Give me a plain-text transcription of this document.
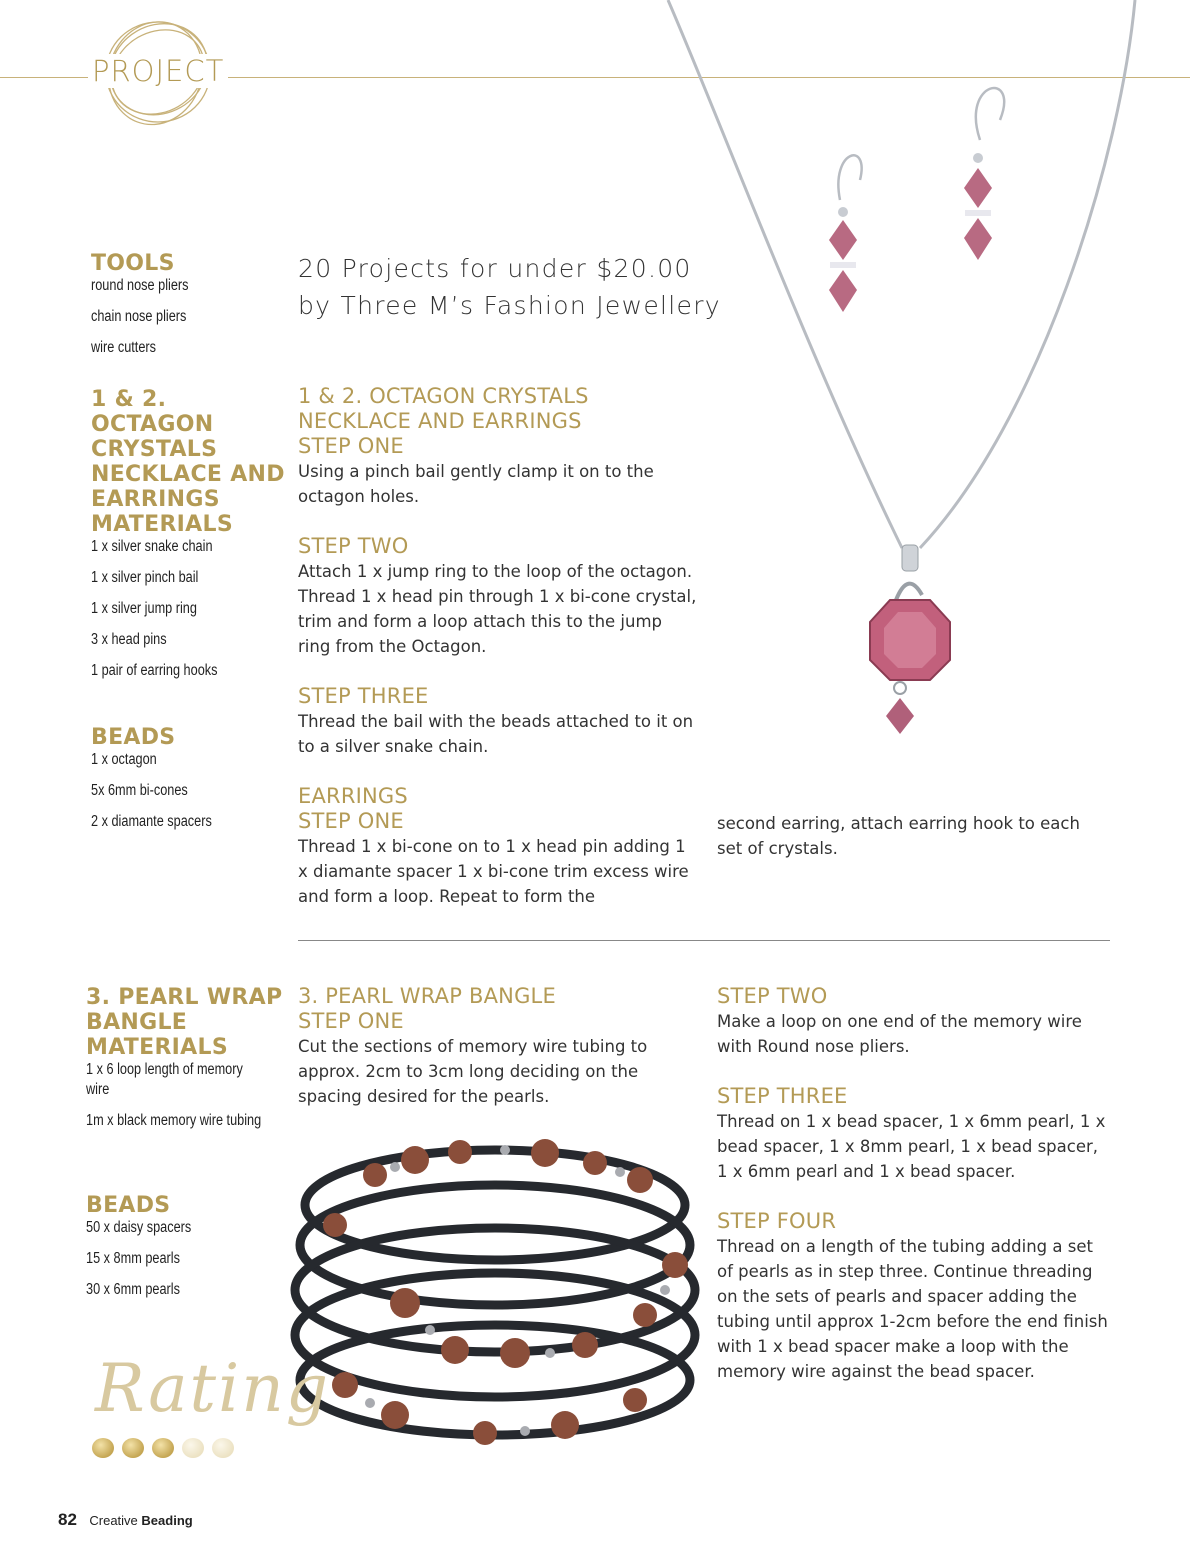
PROJECT
TOOLS
round nose pliers
chain nose pliers
wire cutters
1 & 2.
OCTAGON
CRYSTALS
NECKLACE AND
EARRINGS
MATERIALS
1 x silver snake chain
1 x silver pinch bail
1 x silver jump ring
3 x head pins
1 pair of earring hooks
BEADS
1 x octagon
5x 6mm bi-cones
2 x diamante spacers
3. PEARL WRAP
BANGLE
MATERIALS
1 x 6 loop length of memory wire
1m x black memory wire tubing
BEADS
50 x daisy spacers
15 x 8mm pearls
30 x 6mm pearls
Rating
20 Projects for under $20.00
by Three M’s Fashion Jewellery
1 & 2. OCTAGON CRYSTALS
NECKLACE AND EARRINGS
STEP ONE

Using a pinch bail gently clamp it on to the octagon holes.

STEP TWO

Attach 1 x jump ring to the loop of the octagon. Thread 1 x head pin through 1 x bi-cone crystal, trim and form a loop attach this to the jump ring from the Octagon.

STEP THREE

Thread the bail with the beads attached to it on to a silver snake chain.

EARRINGS
STEP ONE

Thread 1 x bi-cone on to 1 x head pin adding 1 x diamante spacer 1 x bi-cone trim excess wire and form a loop. Repeat to form the

second earring, attach earring hook to each set of crystals.

3. PEARL WRAP BANGLE
STEP ONE

Cut the sections of memory wire tubing to approx. 2cm to 3cm long deciding on the spacing desired for the pearls.

STEP TWO

Make a loop on one end of the memory wire with Round nose pliers.

STEP THREE

Thread on 1 x bead spacer, 1 x 6mm pearl, 1 x bead spacer, 1 x 8mm pearl, 1 x bead spacer, 1 x 6mm pearl and 1 x bead spacer.

STEP FOUR

Thread on a length of the tubing adding a set of pearls as in step three. Continue threading on the sets of pearls and spacer adding the tubing until approx 1-2cm before the end finish with 1 x bead spacer make a loop with the memory wire against the bead spacer.

82 Creative Beading
